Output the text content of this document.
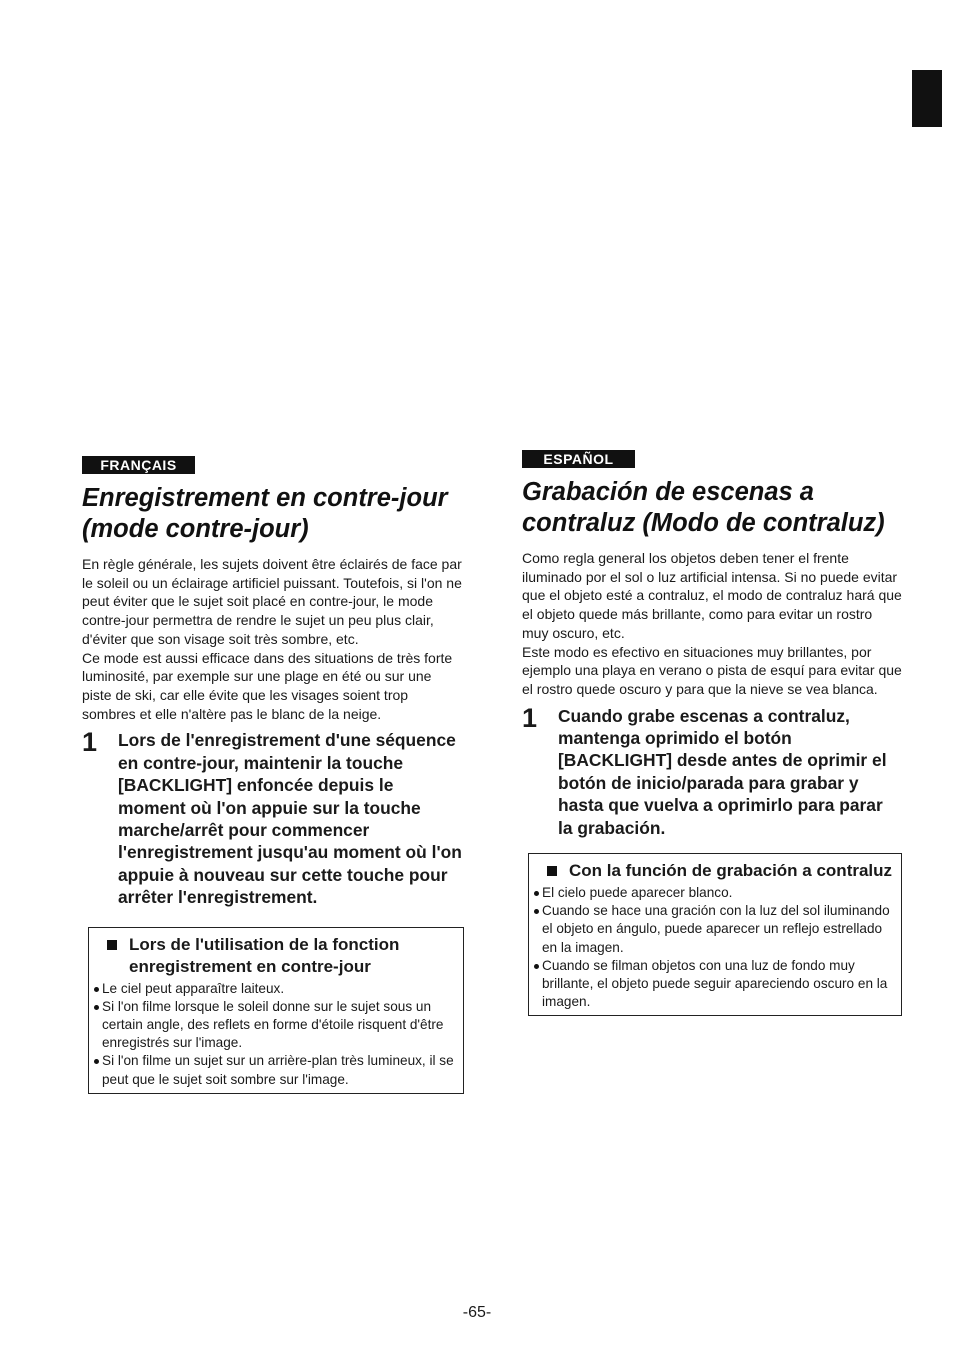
FRANÇAIS
Enregistrement en contre-jour
(mode contre-jour)

En règle générale, les sujets doivent être éclairés de face par le soleil ou un éclairage artificiel puissant. Toutefois, si l'on ne peut éviter que le sujet soit placé en contre-jour, le mode contre-jour permettra de rendre le sujet un peu plus clair, d'éviter que son visage soit très sombre, etc.

Ce mode est aussi efficace dans des situations de très forte luminosité, par exemple sur une plage en été ou sur une piste de ski, car elle évite que les visages soient trop sombres et elle n'altère pas le blanc de la neige.

1	Lors de l'enregistrement d'une séquence en contre-jour, maintenir la touche [BACKLIGHT] enfoncée depuis le moment où l'on appuie sur la touche marche/arrêt pour commencer l'enregistrement jusqu'au moment où l'on appuie à nouveau sur cette touche pour arrêter l'enregistrement.
Lors de l'utilisation de la fonction enregistrement en contre-jour
Le ciel peut apparaître laiteux.
Si l'on filme lorsque le soleil donne sur le sujet sous un certain angle, des reflets en forme d'étoile risquent d'être enregistrés sur l'image.
Si l'on filme un sujet sur un arrière-plan très lumineux, il se peut que le sujet soit sombre sur l'image.
ESPAÑOL
Grabación de escenas a
contraluz (Modo de contraluz)

Como regla general los objetos deben tener el frente iluminado por el sol o luz artificial intensa. Si no puede evitar que el objeto esté a contraluz, el modo de contraluz hará que el objeto quede más brillante, como para evitar un rostro muy oscuro, etc.

Este modo es efectivo en situaciones muy brillantes, por ejemplo una playa en verano o pista de esquí para evitar que el rostro quede oscuro y para que la nieve se vea blanca.

1	Cuando grabe escenas a contraluz, mantenga oprimido el botón [BACKLIGHT] desde antes de oprimir el botón de inicio/parada para grabar y hasta que vuelva a oprimirlo para parar la grabación.
Con la función de grabación a contraluz
El cielo puede aparecer blanco.
Cuando se hace una gración con la luz del sol iluminando el objeto en ángulo, puede aparecer un reflejo estrellado en la imagen.
Cuando se filman objetos con una luz de fondo muy brillante, el objeto puede seguir apareciendo oscuro en la imagen.
-65-
